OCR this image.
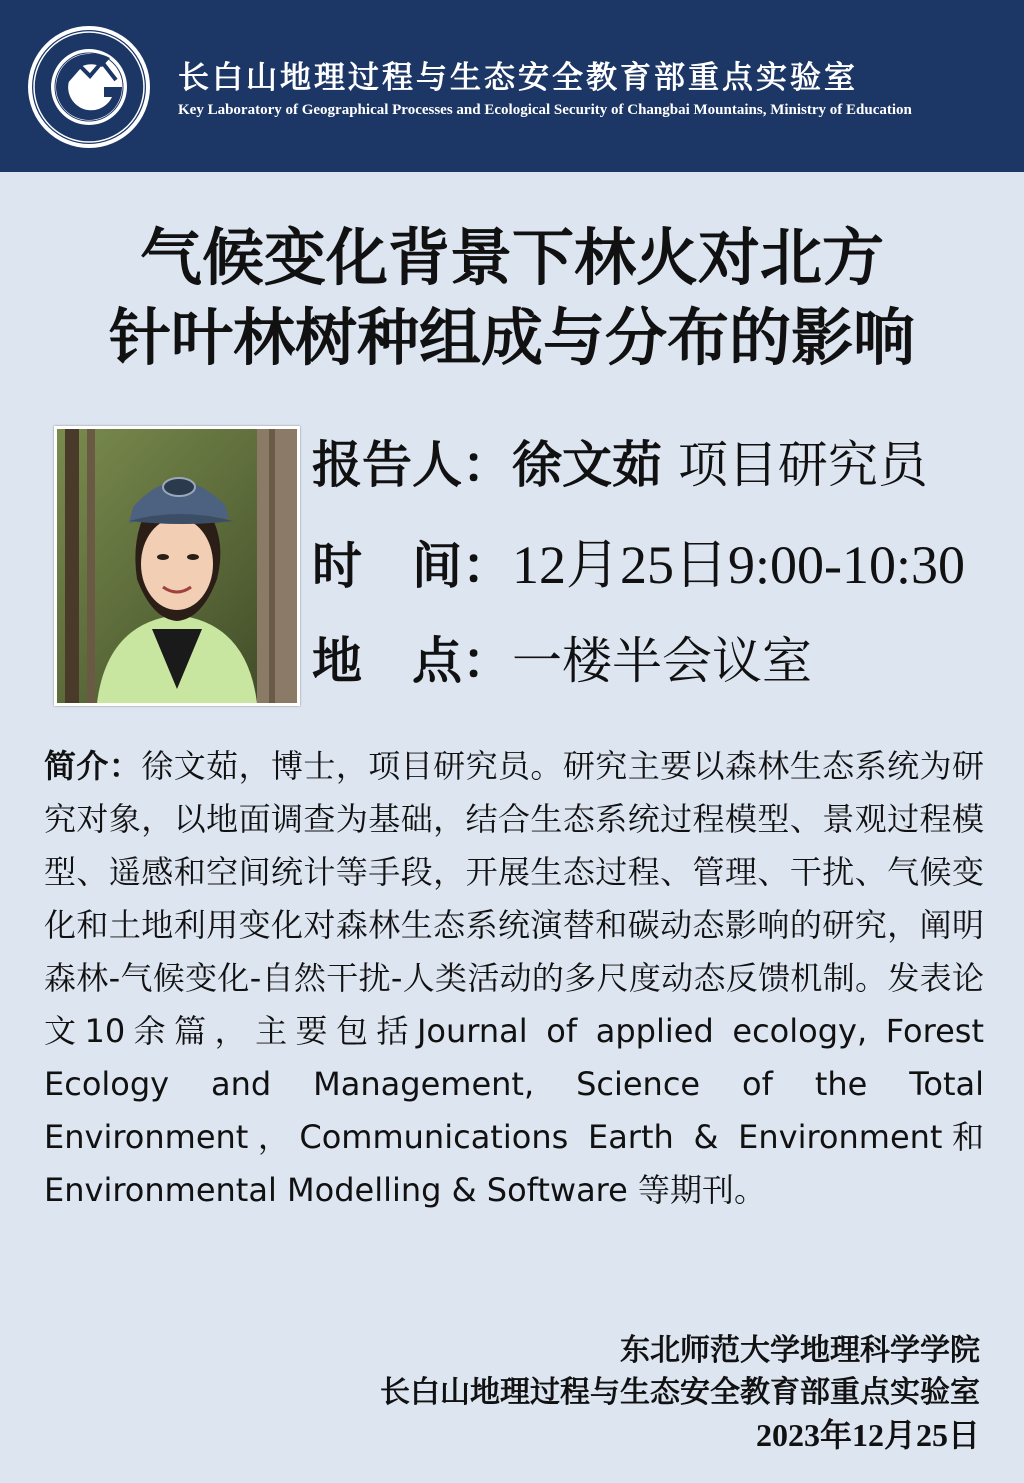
长白山地理过程与生态安全教育部重点实验室
Key Laboratory of Geographical Processes and Ecological Security of Changbai Mountains, Ministry of Education
气候变化背景下林火对北方
针叶林树种组成与分布的影响
报告人：徐文茹 项目研究员
时　间：12月25日9:00-10:30
地　点：一楼半会议室
简介：徐文茹，博士，项目研究员。研究主要以森林生态系统为研究对象，以地面调查为基础，结合生态系统过程模型、景观过程模型、遥感和空间统计等手段，开展生态过程、管理、干扰、气候变化和土地利用变化对森林生态系统演替和碳动态影响的研究，阐明森林-气候变化-自然干扰-人类活动的多尺度动态反馈机制。发表论文10余篇，主要包括Journal of applied ecology, Forest Ecology and Management, Science of the Total Environment，Communications Earth & Environment和Environmental Modelling & Software 等期刊。
东北师范大学地理科学学院
长白山地理过程与生态安全教育部重点实验室
2023年12月25日
